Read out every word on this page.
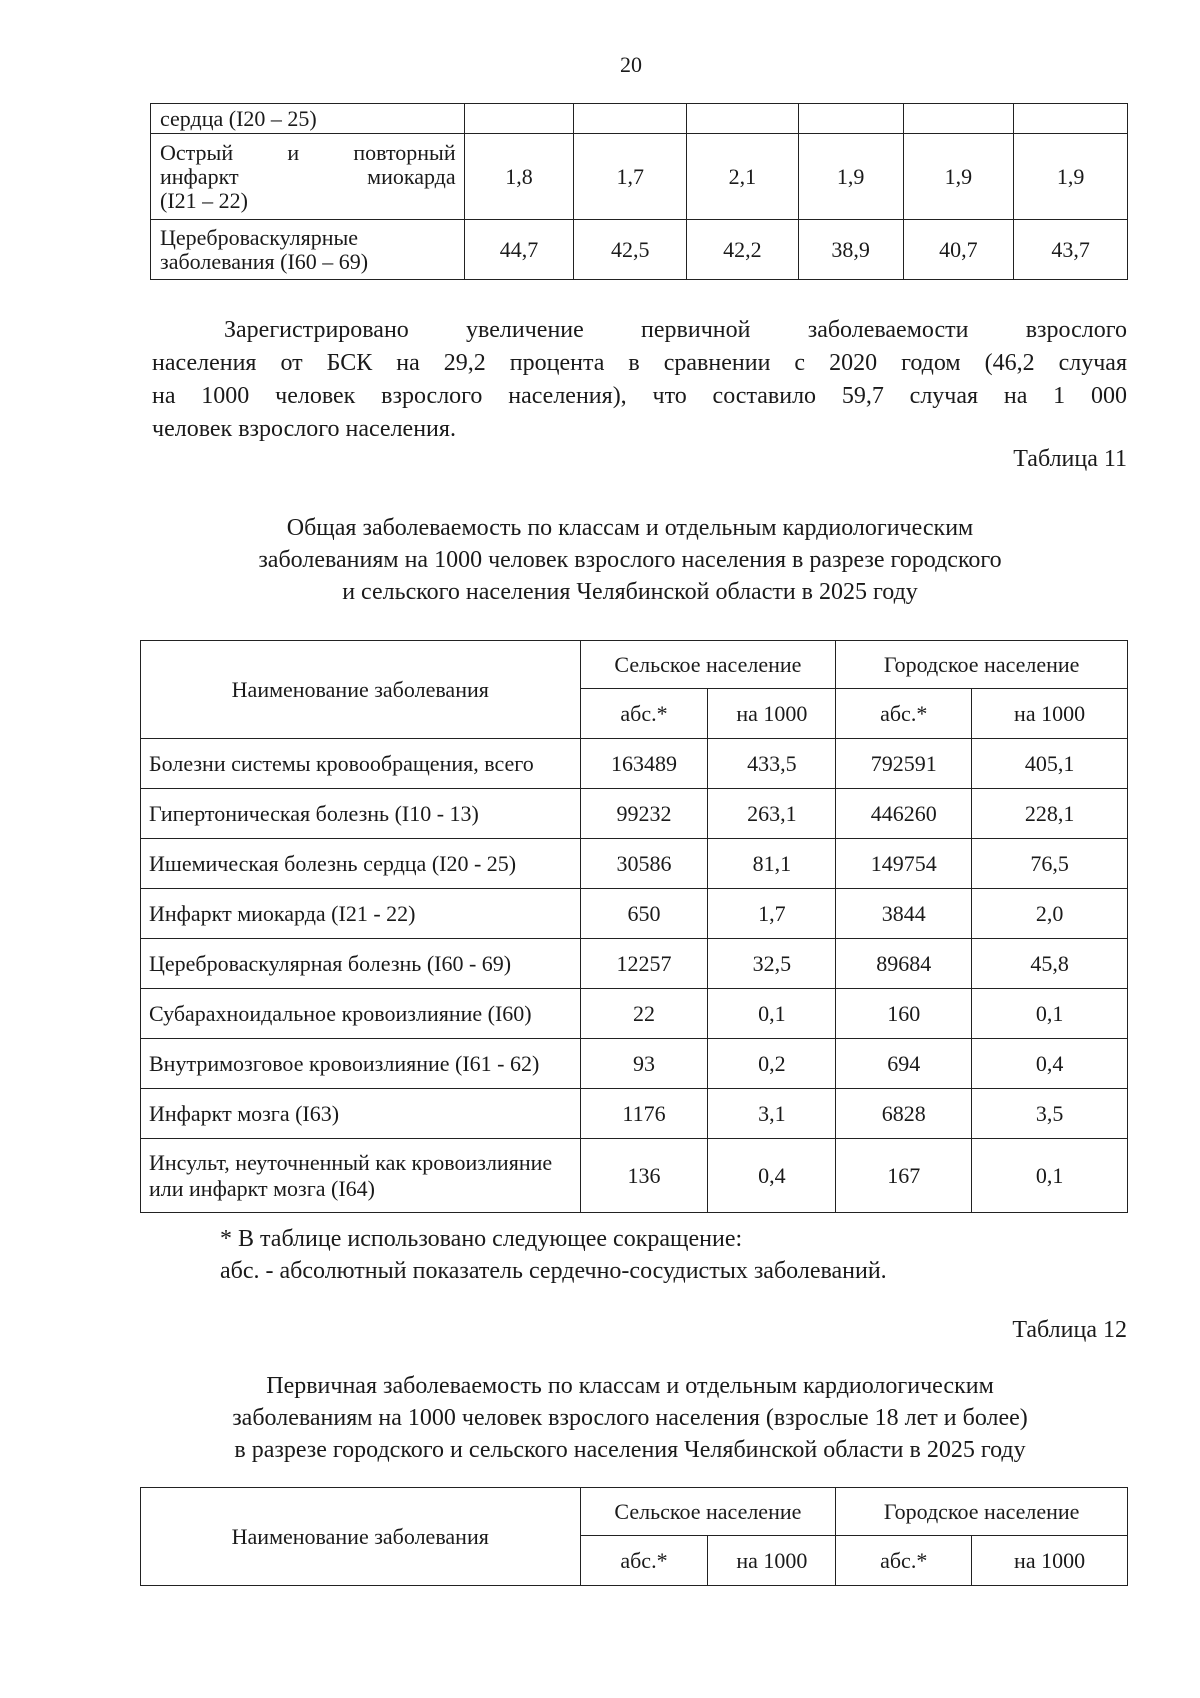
20
сердца (I20 – 25)						

Острый и повторный
инфаркт миокарда
(I21 – 22)	1,8	1,7	2,1	1,9	1,9	1,9

Цереброваскулярные
заболевания (I60 – 69)	44,7	42,5	42,2	38,9	40,7	43,7
Зарегистрировано увеличение первичной заболеваемости взрослого
населения от БСК на 29,2 процента в сравнении с 2020 годом (46,2 случая
на 1000 человек взрослого населения), что составило 59,7 случая на 1 000
человек взрослого населения.
Таблица 11
Общая заболеваемость по классам и отдельным кардиологическим
заболеваниям на 1000 человек взрослого населения в разрезе городского
и сельского населения Челябинской области в 2025 году
Наименование заболевания	Сельское население		Городское население	
	абс.*	на 1000	абс.*	на 1000
Болезни системы кровообращения, всего	163489	433,5	792591	405,1
Гипертоническая болезнь (I10 - 13)	99232	263,1	446260	228,1
Ишемическая болезнь сердца (I20 - 25)	30586	81,1	149754	76,5
Инфаркт миокарда (I21 - 22)	650	1,7	3844	2,0
Цереброваскулярная болезнь (I60 - 69)	12257	32,5	89684	45,8
Субарахноидальное кровоизлияние (I60)	22	0,1	160	0,1
Внутримозговое кровоизлияние (I61 - 62)	93	0,2	694	0,4
Инфаркт мозга (I63)	1176	3,1	6828	3,5

Инсульт, неуточненный как кровоизлияние
или инфаркт мозга (I64)	136	0,4	167	0,1
* В таблице использовано следующее сокращение:
абс. - абсолютный показатель сердечно-сосудистых заболеваний.
Таблица 12
Первичная заболеваемость по классам и отдельным кардиологическим
заболеваниям на 1000 человек взрослого населения (взрослые 18 лет и более)
в разрезе городского и сельского населения Челябинской области в 2025 году
Наименование заболевания	Сельское население		Городское население	
	абс.*	на 1000	абс.*	на 1000
